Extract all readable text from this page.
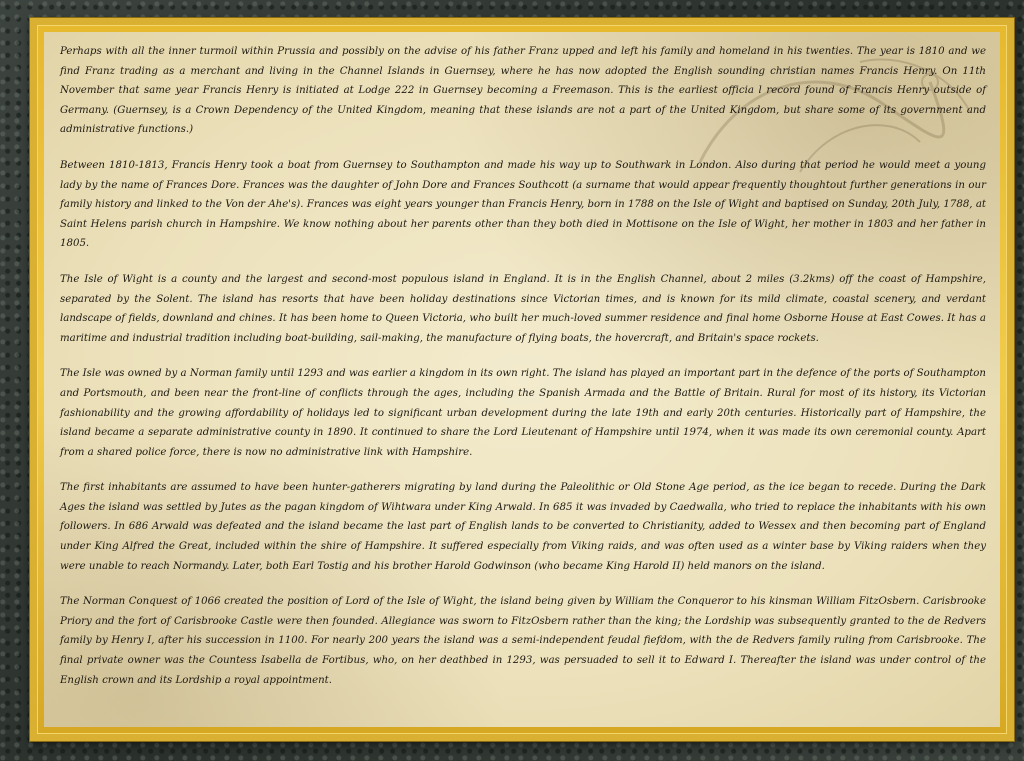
Perhaps with all the inner turmoil within Prussia and possibly on the advise of his father Franz upped and left his family and homeland in his twenties. The year is 1810 and we find Franz trading as a merchant and living in the Channel Islands in Guernsey, where he has now adopted the English sounding christian names Francis Henry. On 11th November that same year Francis Henry is initiated at Lodge 222 in Guernsey becoming a Freemason. This is the earliest officia l record found of Francis Henry outside of Germany. (Guernsey, is a Crown Dependency of the United Kingdom, meaning that these islands are not a part of the United Kingdom, but share some of its government and administrative functions.)

Between 1810-1813, Francis Henry took a boat from Guernsey to Southampton and made his way up to Southwark in London. Also during that period he would meet a young lady by the name of Frances Dore. Frances was the daughter of John Dore and Frances Southcott (a surname that would appear frequently thoughtout further generations in our family history and linked to the Von der Ahe's). Frances was eight years younger than Francis Henry, born in 1788 on the Isle of Wight and baptised on Sunday, 20th July, 1788, at Saint Helens parish church in Hampshire. We know nothing about her parents other than they both died in Mottisone on the Isle of Wight, her mother in 1803 and her father in 1805.

The Isle of Wight is a county and the largest and second-most populous island in England. It is in the English Channel, about 2 miles (3.2kms) off the coast of Hampshire, separated by the Solent. The island has resorts that have been holiday destinations since Victorian times, and is known for its mild climate, coastal scenery, and verdant landscape of fields, downland and chines. It has been home to Queen Victoria, who built her much-loved summer residence and final home Osborne House at East Cowes. It has a maritime and industrial tradition including boat-building, sail-making, the manufacture of flying boats, the hovercraft, and Britain's space rockets.

The Isle was owned by a Norman family until 1293 and was earlier a kingdom in its own right. The island has played an important part in the defence of the ports of Southampton and Portsmouth, and been near the front-line of conflicts through the ages, including the Spanish Armada and the Battle of Britain. Rural for most of its history, its Victorian fashionability and the growing affordability of holidays led to significant urban development during the late 19th and early 20th centuries. Historically part of Hampshire, the island became a separate administrative county in 1890. It continued to share the Lord Lieutenant of Hampshire until 1974, when it was made its own ceremonial county. Apart from a shared police force, there is now no administrative link with Hampshire.

The first inhabitants are assumed to have been hunter-gatherers migrating by land during the Paleolithic or Old Stone Age period, as the ice began to recede. During the Dark Ages the island was settled by Jutes as the pagan kingdom of Wihtwara under King Arwald. In 685 it was invaded by Caedwalla, who tried to replace the inhabitants with his own followers. In 686 Arwald was defeated and the island became the last part of English lands to be converted to Christianity, added to Wessex and then becoming part of England under King Alfred the Great, included within the shire of Hampshire. It suffered especially from Viking raids, and was often used as a winter base by Viking raiders when they were unable to reach Normandy. Later, both Earl Tostig and his brother Harold Godwinson (who became King Harold II) held manors on the island.

The Norman Conquest of 1066 created the position of Lord of the Isle of Wight, the island being given by William the Conqueror to his kinsman William FitzOsbern. Carisbrooke Priory and the fort of Carisbrooke Castle were then founded. Allegiance was sworn to FitzOsbern rather than the king; the Lordship was subsequently granted to the de Redvers family by Henry I, after his succession in 1100. For nearly 200 years the island was a semi-independent feudal fiefdom, with the de Redvers family ruling from Carisbrooke. The final private owner was the Countess Isabella de Fortibus, who, on her deathbed in 1293, was persuaded to sell it to Edward I. Thereafter the island was under control of the English crown and its Lordship a royal appointment.
